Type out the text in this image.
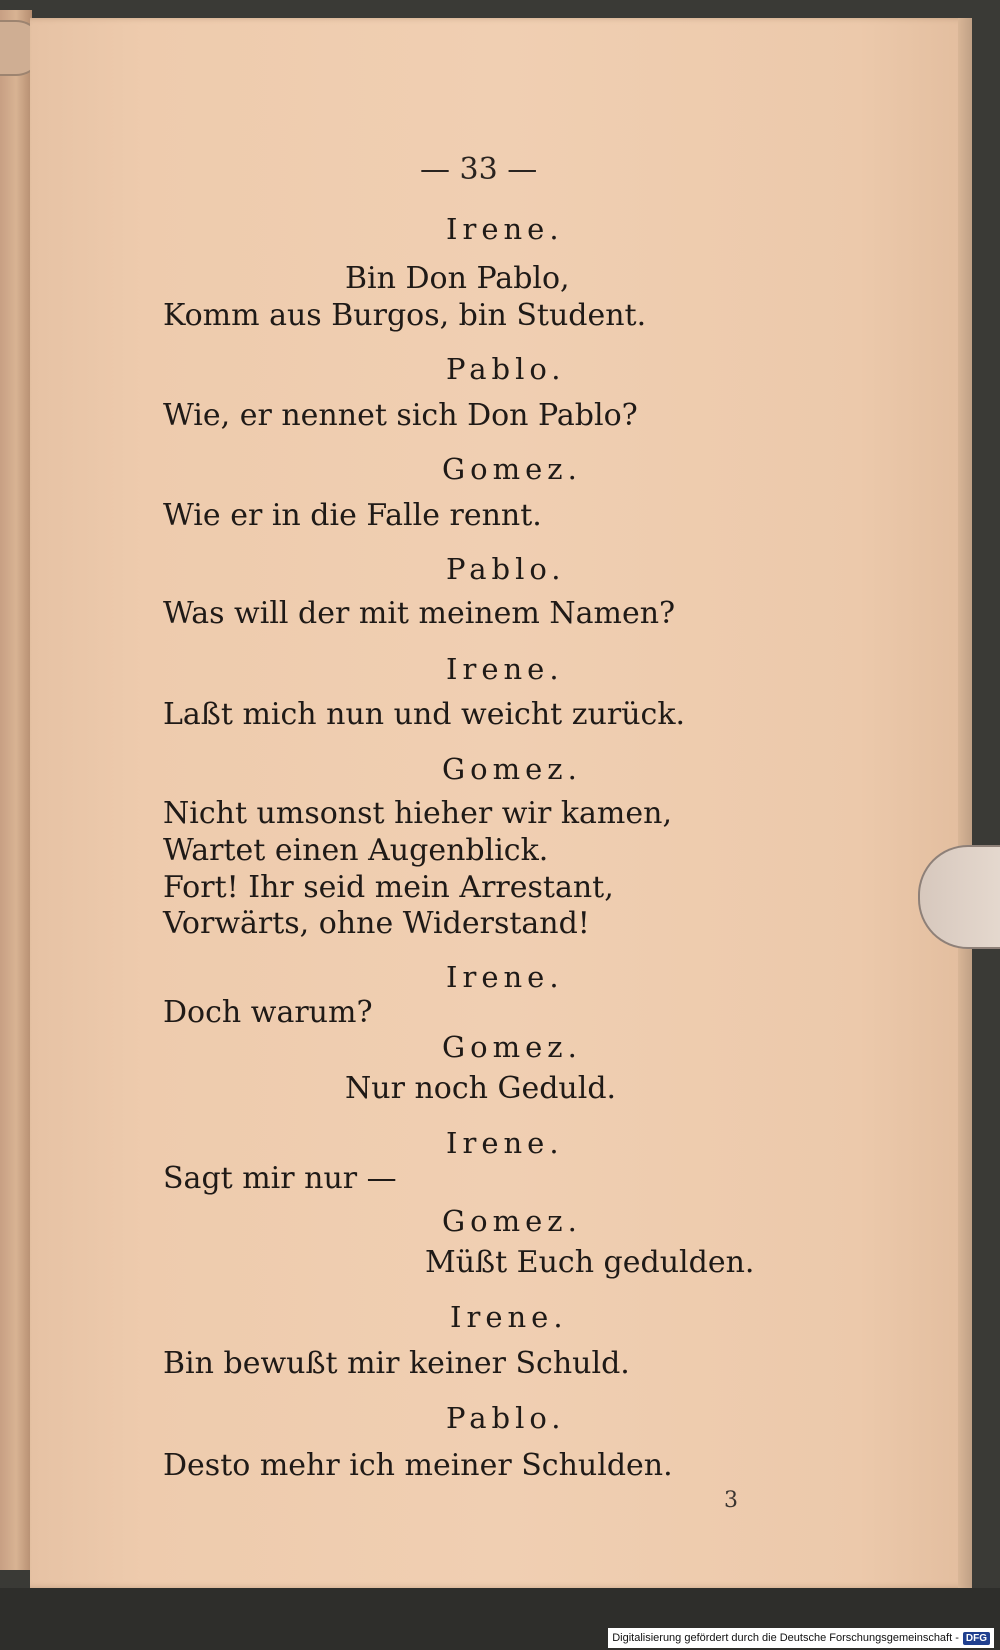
— 33 —
Irene.
Bin Don Pablo,
Komm aus Burgos, bin Student.
Pablo.
Wie, er nennet sich Don Pablo?
Gomez.
Wie er in die Falle rennt.
Pablo.
Was will der mit meinem Namen?
Irene.
Laßt mich nun und weicht zurück.
Gomez.
Nicht umsonst hieher wir kamen,
Wartet einen Augenblick.
Fort! Ihr seid mein Arrestant,
Vorwärts, ohne Widerstand!
Irene.
Doch warum?
Gomez.
Nur noch Geduld.
Irene.
Sagt mir nur —
Gomez.
Müßt Euch gedulden.
Irene.
Bin bewußt mir keiner Schuld.
Pablo.
Desto mehr ich meiner Schulden.
3
Digitalisierung gefördert durch die Deutsche Forschungsgemeinschaft - DFG
